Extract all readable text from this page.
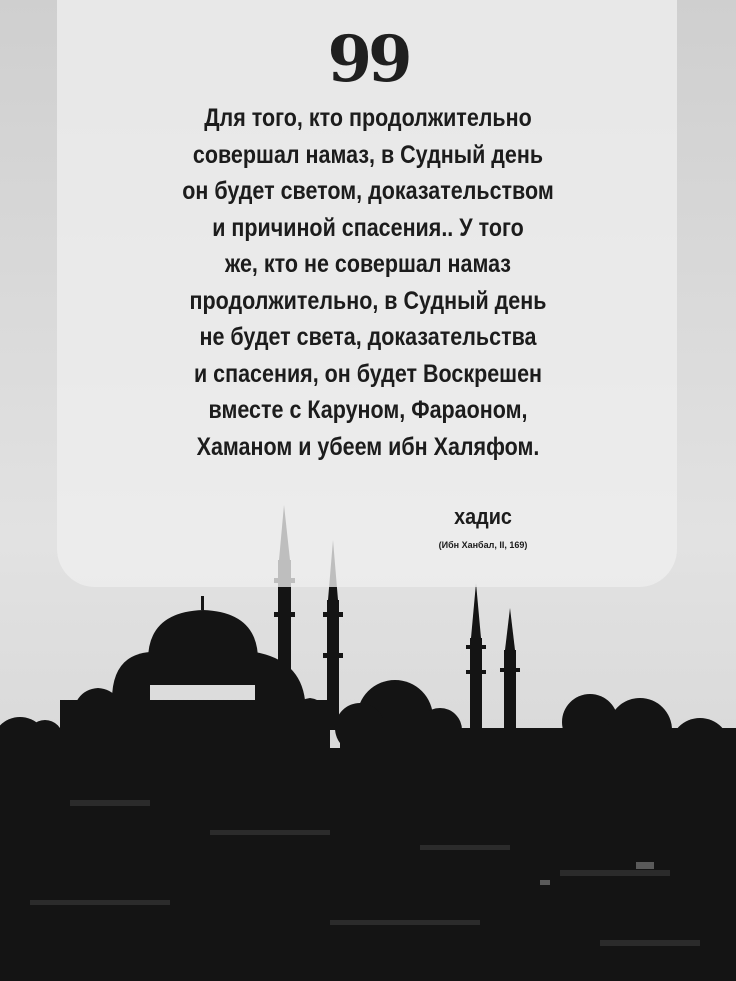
99

Для того, кто продолжительно
совершал намаз, в Судный день
он будет светом, доказательством
и причиной спасения.. У того
же, кто не совершал намаз
продолжительно, в Судный день
не будет света, доказательства
и спасения, он будет Воскрешен
вместе с Каруном, Фараоном,
Хаманом и убеем ибн Халяфом.

хадис
(Ибн Ханбал, II, 169)
